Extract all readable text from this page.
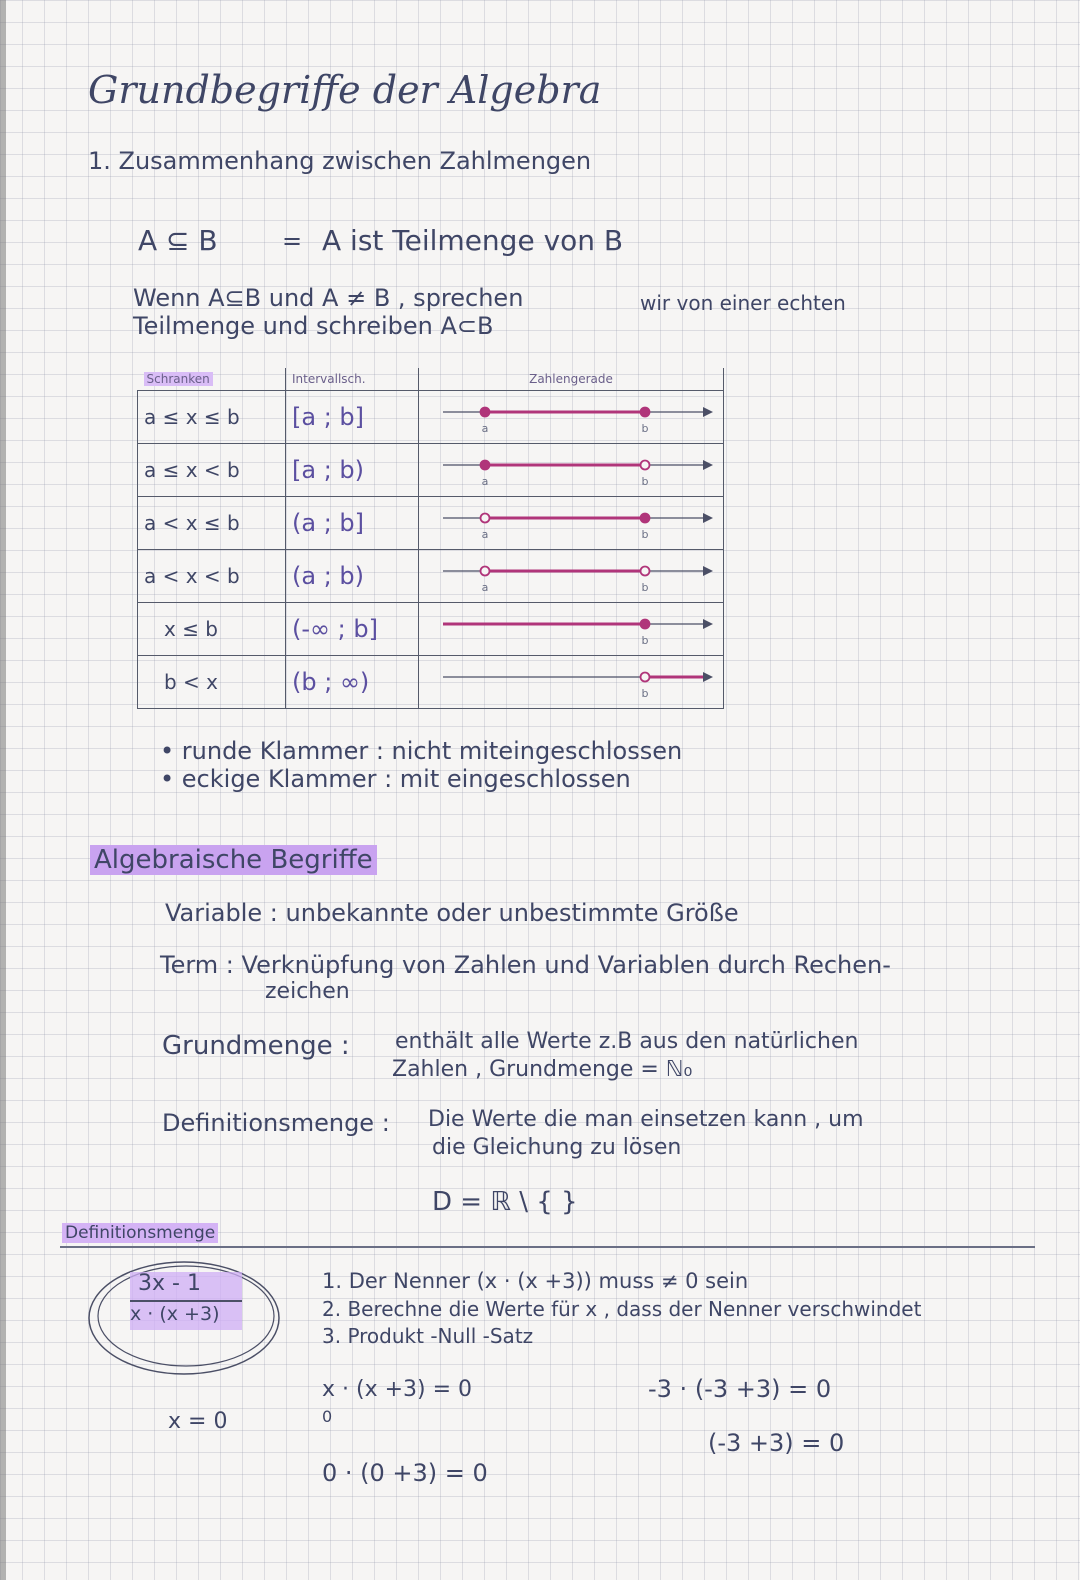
Grundbegriffe der Algebra
1. Zusammenhang zwischen Zahlmengen
A ⊆ B	= A ist Teilmenge von B
Wenn A⊆B und A ≠ B , sprechen	wir von einer echten
Teilmenge und schreiben A⊂B
Schranken	Intervallsch.	Zahlengerade
a ≤ x ≤ b	[a ; b]	a b

a ≤ x < b	[a ; b)	a b

a < x ≤ b	(a ; b]	a b

a < x < b	(a ; b)	a b

x ≤ b	(-∞ ; b]	b

b < x	(b ; ∞)	b
• runde Klammer : nicht miteingeschlossen
• eckige Klammer : mit eingeschlossen
Algebraische Begriffe
Variable : unbekannte oder unbestimmte Größe
Term : Verknüpfung von Zahlen und Variablen durch Rechen-
zeichen
Grundmenge : enthält alle Werte z.B aus den natürlichen
Zahlen , Grundmenge = ℕ₀
Definitionsmenge : Die Werte die man einsetzen kann , um
die Gleichung zu lösen
D = ℝ \ { }
Definitionsmenge
3x - 1
x · (x +3)
x = 0
1. Der Nenner (x · (x +3)) muss ≠ 0 sein
2. Berechne die Werte für x , dass der Nenner verschwindet
3. Produkt -Null -Satz
x · (x +3) = 0
0
0 · (0 +3) = 0
-3 · (-3 +3) = 0
(-3 +3) = 0
